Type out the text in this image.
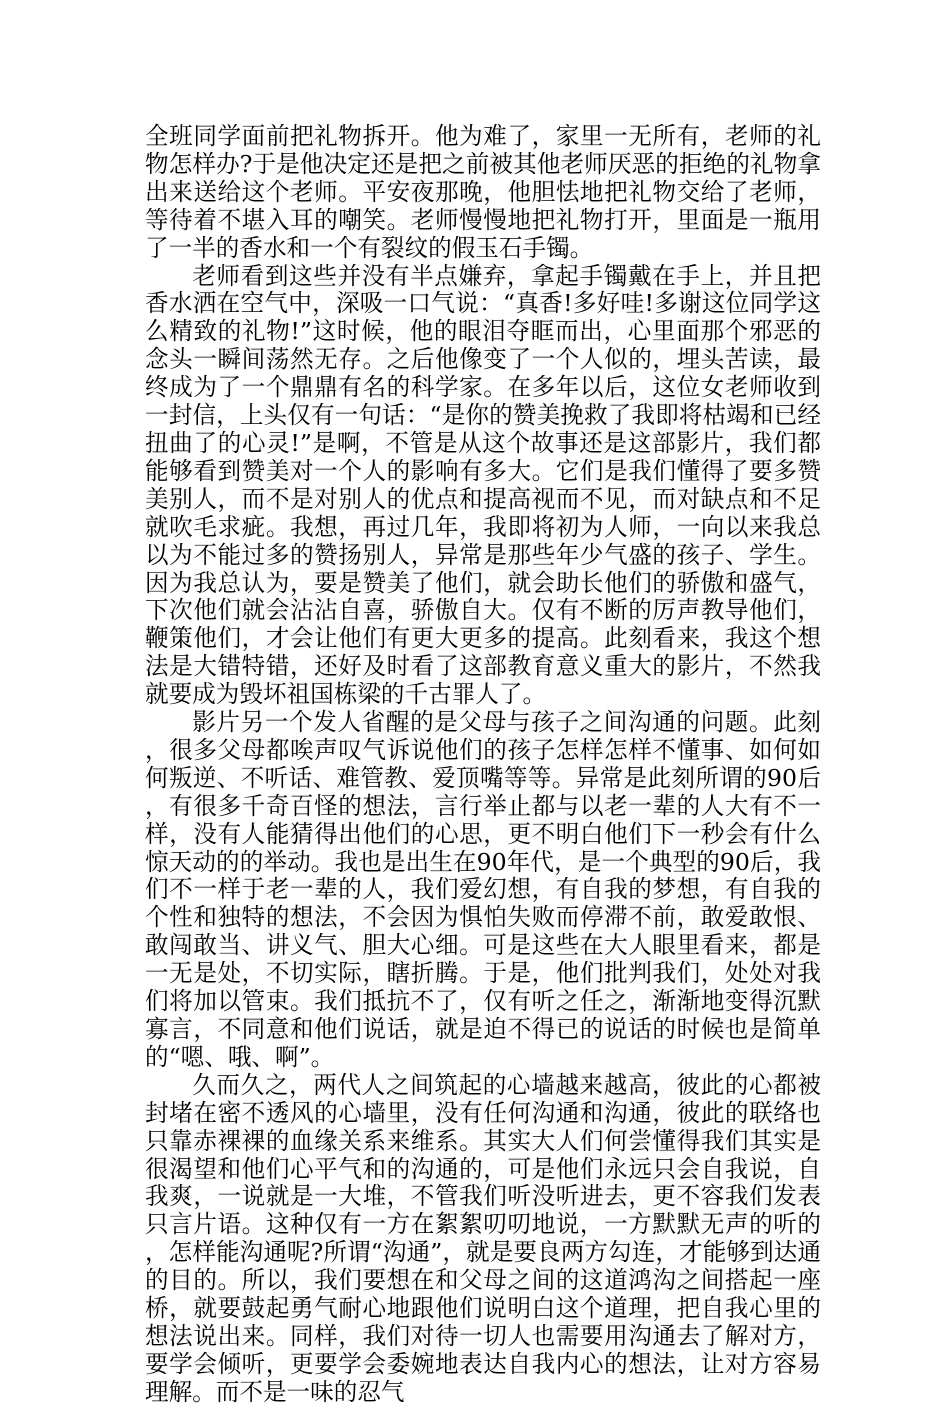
全班同学面前把礼物拆开。他为难了，家里一无所有，老师的礼物怎样办?于是他决定还是把之前被其他老师厌恶的拒绝的礼物拿出来送给这个老师。平安夜那晚，他胆怯地把礼物交给了老师，等待着不堪入耳的嘲笑。老师慢慢地把礼物打开，里面是一瓶用了一半的香水和一个有裂纹的假玉石手镯。

老师看到这些并没有半点嫌弃，拿起手镯戴在手上，并且把香水洒在空气中，深吸一口气说：“真香!多好哇!多谢这位同学这么精致的礼物!”这时候，他的眼泪夺眶而出，心里面那个邪恶的念头一瞬间荡然无存。之后他像变了一个人似的，埋头苦读，最终成为了一个鼎鼎有名的科学家。在多年以后，这位女老师收到一封信，上头仅有一句话：“是你的赞美挽救了我即将枯竭和已经扭曲了的心灵!”是啊，不管是从这个故事还是这部影片，我们都能够看到赞美对一个人的影响有多大。它们是我们懂得了要多赞美别人，而不是对别人的优点和提高视而不见，而对缺点和不足就吹毛求疵。我想，再过几年，我即将初为人师，一向以来我总以为不能过多的赞扬别人，异常是那些年少气盛的孩子、学生。因为我总认为，要是赞美了他们，就会助长他们的骄傲和盛气，下次他们就会沾沾自喜，骄傲自大。仅有不断的厉声教导他们，鞭策他们，才会让他们有更大更多的提高。此刻看来，我这个想法是大错特错，还好及时看了这部教育意义重大的影片，不然我就要成为毁坏祖国栋梁的千古罪人了。

影片另一个发人省醒的是父母与孩子之间沟通的问题。此刻，很多父母都唉声叹气诉说他们的孩子怎样怎样不懂事、如何如何叛逆、不听话、难管教、爱顶嘴等等。异常是此刻所谓的90后，有很多千奇百怪的想法，言行举止都与以老一辈的人大有不一样，没有人能猜得出他们的心思，更不明白他们下一秒会有什么惊天动的的举动。我也是出生在90年代，是一个典型的90后，我们不一样于老一辈的人，我们爱幻想，有自我的梦想，有自我的个性和独特的想法，不会因为惧怕失败而停滞不前，敢爱敢恨、敢闯敢当、讲义气、胆大心细。可是这些在大人眼里看来，都是一无是处，不切实际，瞎折腾。于是，他们批判我们，处处对我们将加以管束。我们抵抗不了，仅有听之任之，渐渐地变得沉默寡言，不同意和他们说话，就是迫不得已的说话的时候也是简单的“嗯、哦、啊”。

久而久之，两代人之间筑起的心墙越来越高，彼此的心都被封堵在密不透风的心墙里，没有任何沟通和沟通，彼此的联络也只靠赤裸裸的血缘关系来维系。其实大人们何尝懂得我们其实是很渴望和他们心平气和的沟通的，可是他们永远只会自我说，自我爽，一说就是一大堆，不管我们听没听进去，更不容我们发表只言片语。这种仅有一方在絮絮叨叨地说，一方默默无声的听的，怎样能沟通呢?所谓“沟通”，就是要良两方勾连，才能够到达通的目的。所以，我们要想在和父母之间的这道鸿沟之间搭起一座桥，就要鼓起勇气耐心地跟他们说明白这个道理，把自我心里的想法说出来。同样，我们对待一切人也需要用沟通去了解对方，要学会倾听，更要学会委婉地表达自我内心的想法，让对方容易理解。而不是一味的忍气
